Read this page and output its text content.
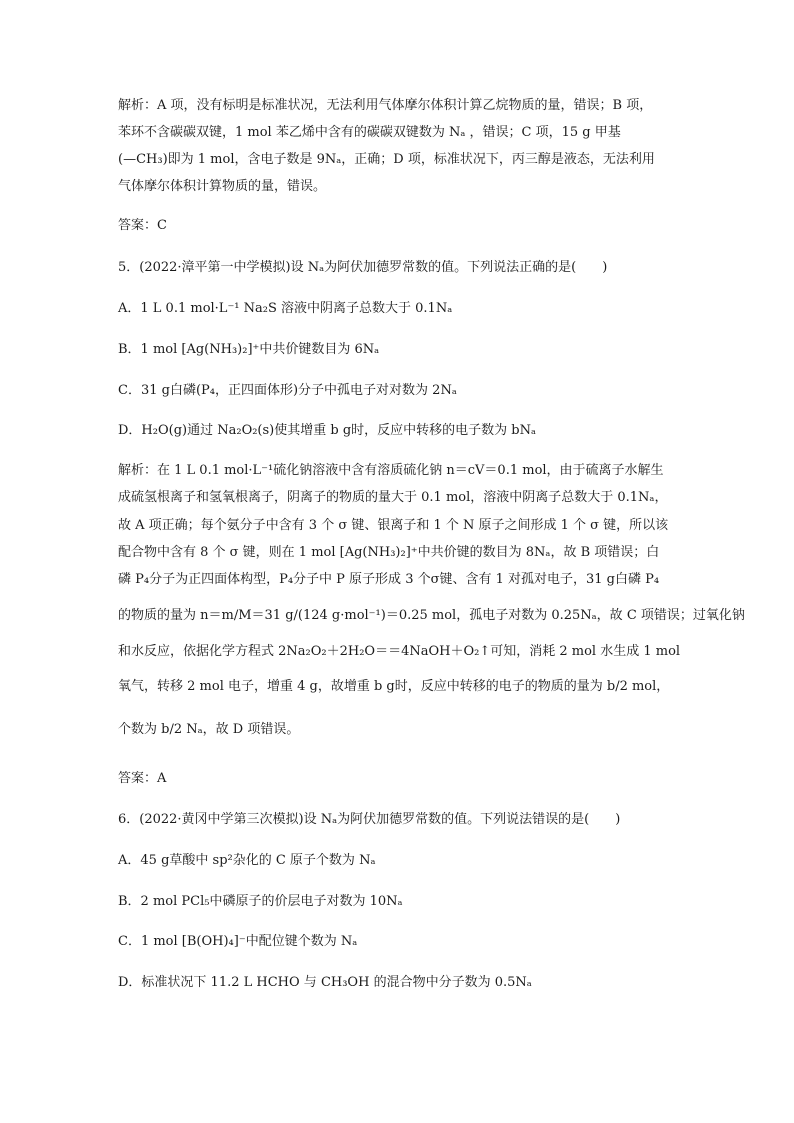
解析：A 项，没有标明是标准状况，无法利用气体摩尔体积计算乙烷物质的量，错误；B 项，
苯环不含碳碳双键，1 mol 苯乙烯中含有的碳碳双键数为 Nₐ ，错误；C 项，15 g 甲基
(—CH₃)即为 1 mol，含电子数是 9Nₐ，正确；D 项，标准状况下，丙三醇是液态，无法利用
气体摩尔体积计算物质的量，错误。
答案：C
5．(2022·漳平第一中学模拟)设 Nₐ为阿伏加德罗常数的值。下列说法正确的是(　　)
A．1 L 0.1 mol·L⁻¹ Na₂S 溶液中阴离子总数大于 0.1Nₐ
B．1 mol [Ag(NH₃)₂]⁺中共价键数目为 6Nₐ
C．31 g白磷(P₄，正四面体形)分子中孤电子对对数为 2Nₐ
D．H₂O(g)通过 Na₂O₂(s)使其增重 b g时，反应中转移的电子数为 bNₐ
解析：在 1 L 0.1 mol·L⁻¹硫化钠溶液中含有溶质硫化钠 n＝cV＝0.1 mol，由于硫离子水解生
成硫氢根离子和氢氧根离子，阴离子的物质的量大于 0.1 mol，溶液中阴离子总数大于 0.1Nₐ，
故 A 项正确；每个氨分子中含有 3 个 σ 键、银离子和 1 个 N 原子之间形成 1 个 σ 键，所以该
配合物中含有 8 个 σ 键，则在 1 mol [Ag(NH₃)₂]⁺中共价键的数目为 8Nₐ，故 B 项错误；白
磷 P₄分子为正四面体构型，P₄分子中 P 原子形成 3 个σ键、含有 1 对孤对电子，31 g白磷 P₄
的物质的量为 n＝m/M＝31 g/(124 g·mol⁻¹)＝0.25 mol，孤电子对数为 0.25Nₐ，故 C 项错误；过氧化钠
和水反应，依据化学方程式 2Na₂O₂＋2H₂O＝＝4NaOH＋O₂↑可知，消耗 2 mol 水生成 1 mol
氧气，转移 2 mol 电子，增重 4 g，故增重 b g时，反应中转移的电子的物质的量为 b/2 mol，
个数为 b/2 Nₐ，故 D 项错误。
答案：A
6．(2022·黄冈中学第三次模拟)设 Nₐ为阿伏加德罗常数的值。下列说法错误的是(　　)
A．45 g草酸中 sp²杂化的 C 原子个数为 Nₐ
B．2 mol PCl₅中磷原子的价层电子对数为 10Nₐ
C．1 mol [B(OH)₄]⁻中配位键个数为 Nₐ
D．标准状况下 11.2 L HCHO 与 CH₃OH 的混合物中分子数为 0.5Nₐ
